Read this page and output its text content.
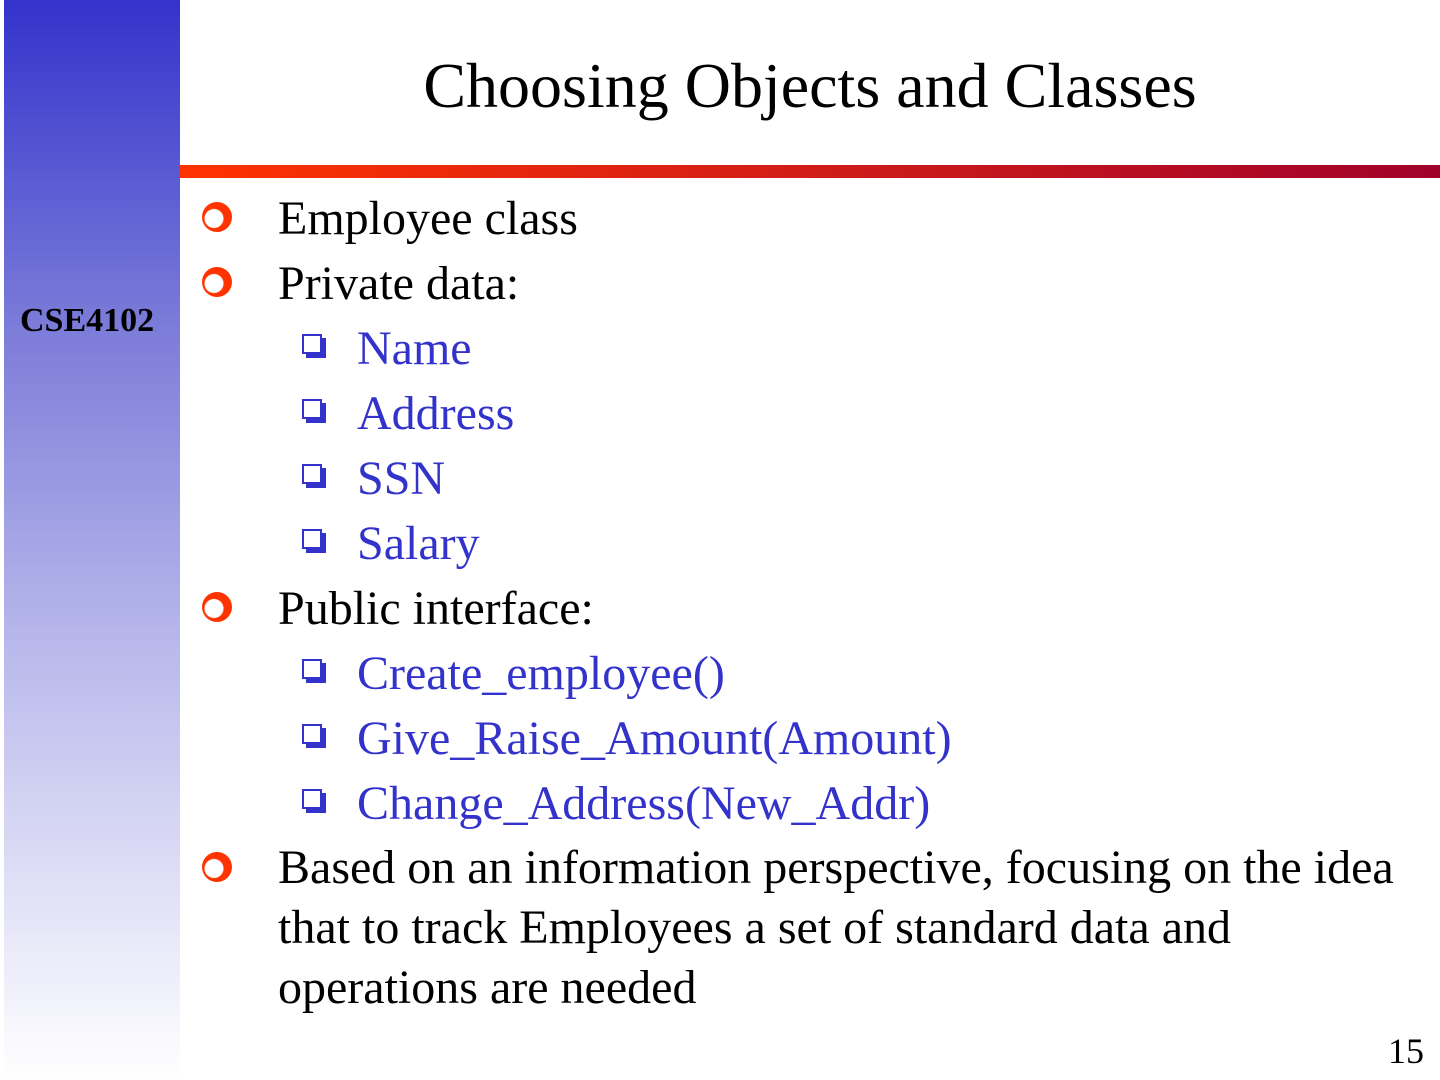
CSE4102
Choosing Objects and Classes
Employee class
Private data:
Name
Address
SSN
Salary
Public interface:
Create_employee()
Give_Raise_Amount(Amount)
Change_Address(New_Addr)
Based on an information perspective, focusing on the idea that to track Employees a set of standard data and operations are needed
15
